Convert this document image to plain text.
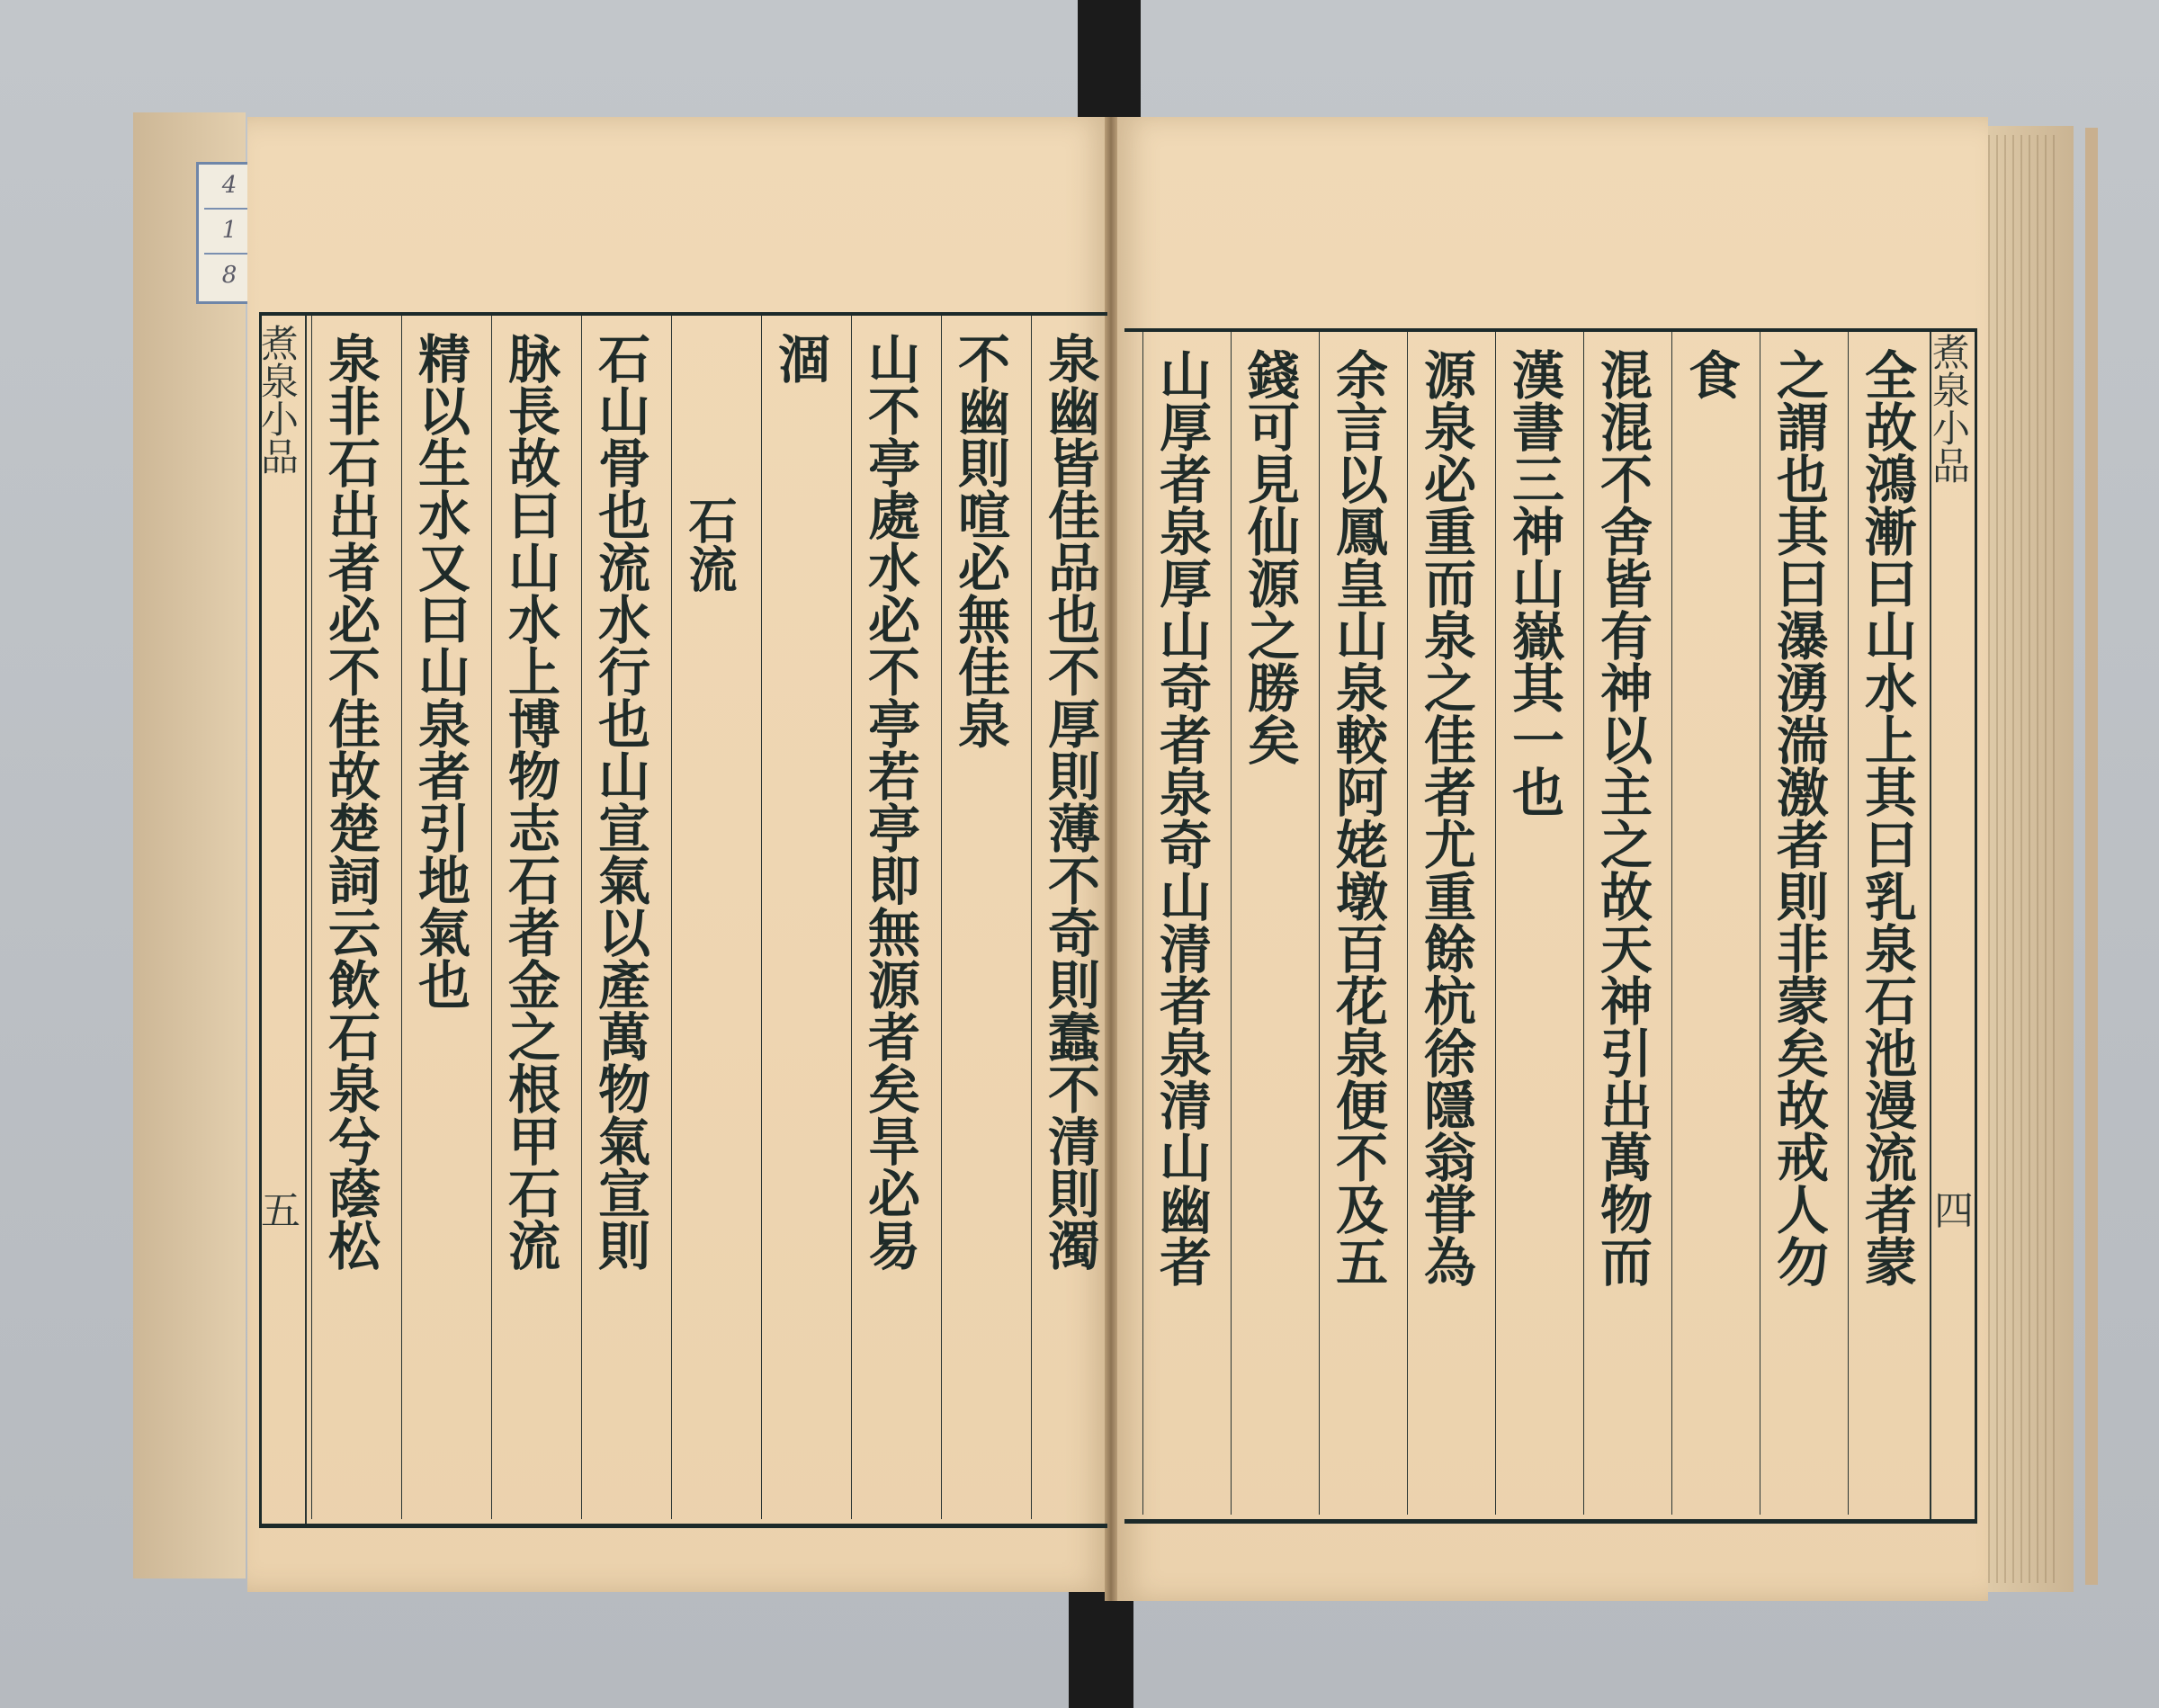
4
1
8

煮泉小品
五	泉幽皆佳品也不厚則薄不奇則蠢不清則濁
不幽則喧必無佳泉
山不亭處水必不亭若亭即無源者矣旱必易
涸
石流
石山骨也流水行也山宣氣以產萬物氣宣則
脉長故曰山水上博物志石者金之根甲石流
精以生水又曰山泉者引地氣也
泉非石出者必不佳故楚詞云飲石泉兮蔭松	煮泉小品
四
全故鴻漸曰山水上其曰乳泉石池漫流者蒙
之謂也其曰瀑湧湍激者則非蒙矣故戒人勿
食
混混不舍皆有神以主之故天神引出萬物而
漢書三神山嶽其一也
源泉必重而泉之佳者尤重餘杭徐隱翁甞為
余言以鳳皇山泉較阿姥墩百花泉便不及五
錢可見仙源之勝矣
山厚者泉厚山奇者泉奇山清者泉清山幽者
